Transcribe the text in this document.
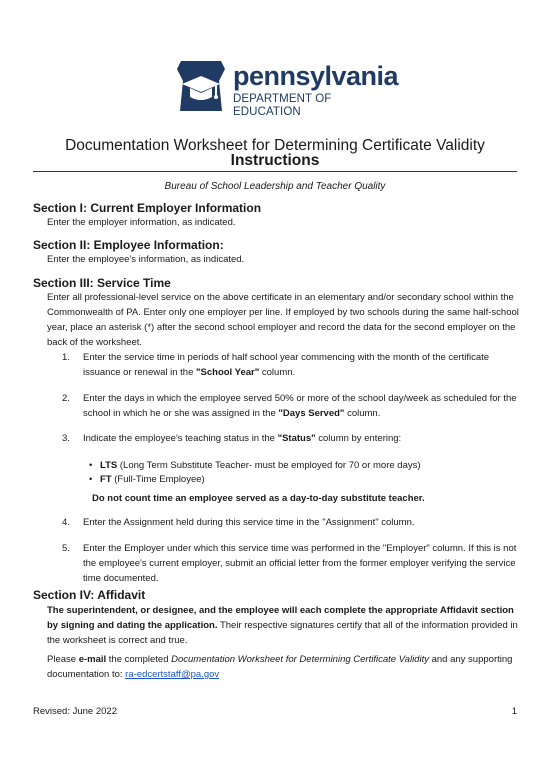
pennsylvania
DEPARTMENT OF EDUCATION
Documentation Worksheet for Determining Certificate Validity
Instructions
Bureau of School Leadership and Teacher Quality
Section I: Current Employer Information
Enter the employer information, as indicated.
Section II: Employee Information:
Enter the employee's information, as indicated.
Section III: Service Time
Enter all professional-level service on the above certificate in an elementary and/or secondary school within the Commonwealth of PA. Enter only one employer per line. If employed by two schools during the same half-school year, place an asterisk (*) after the second school employer and record the data for the second employer on the back of the worksheet.
1. Enter the service time in periods of half school year commencing with the month of the certificate issuance or renewal in the "School Year" column.
2. Enter the days in which the employee served 50% or more of the school day/week as scheduled for the school in which he or she was assigned in the "Days Served" column.
3. Indicate the employee's teaching status in the "Status" column by entering:
• LTS (Long Term Substitute Teacher- must be employed for 70 or more days)
• FT (Full-Time Employee)
Do not count time an employee served as a day-to-day substitute teacher.
4. Enter the Assignment held during this service time in the "Assignment" column.
5. Enter the Employer under which this service time was performed in the "Employer" column. If this is not the employee's current employer, submit an official letter from the former employer verifying the service time documented.
Section IV: Affidavit
The superintendent, or designee, and the employee will each complete the appropriate Affidavit section by signing and dating the application. Their respective signatures certify that all of the information provided in the worksheet is correct and true.
Please e-mail the completed Documentation Worksheet for Determining Certificate Validity and any supporting documentation to: ra-edcertstaff@pa.gov
Revised: June 2022	1
